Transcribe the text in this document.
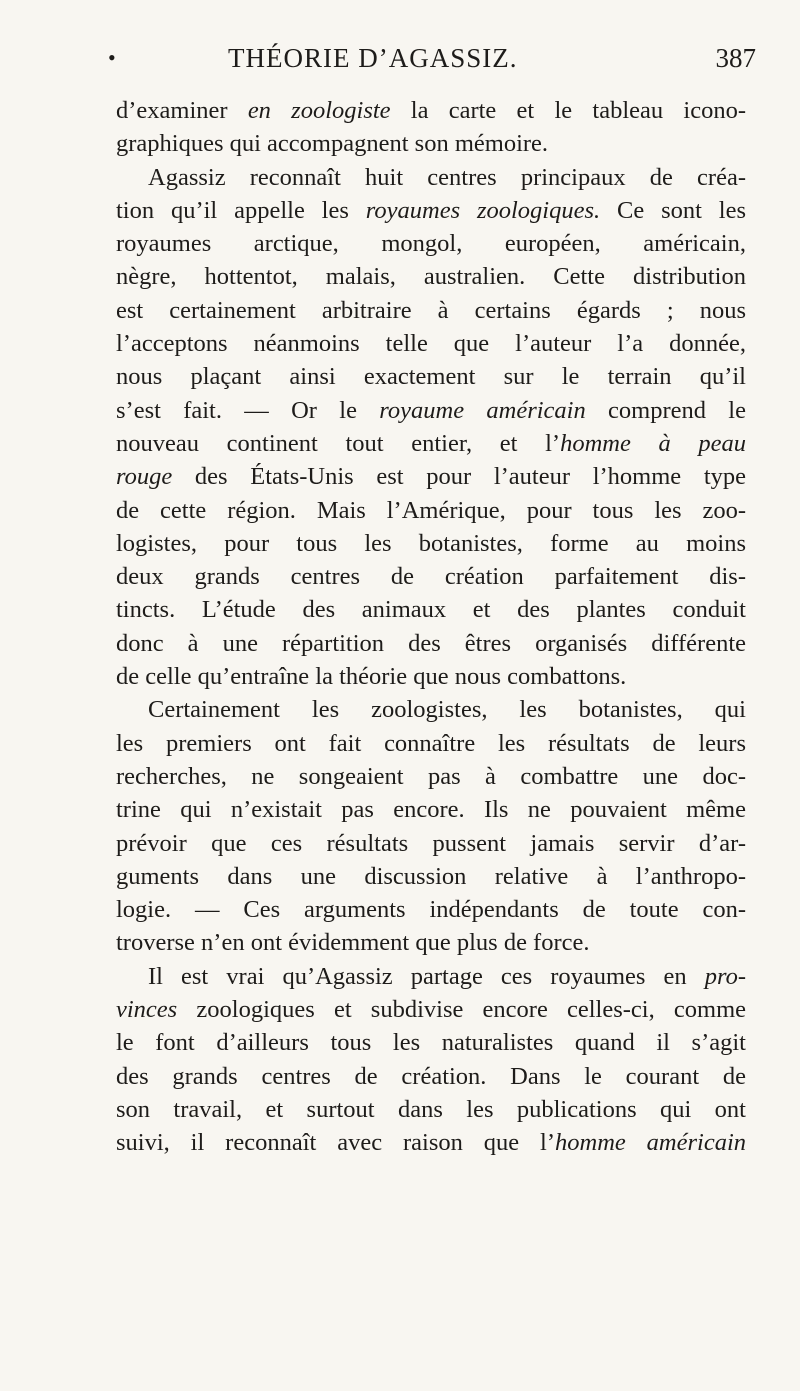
•	THÉORIE D’AGASSIZ.	387
d’examiner en zoologiste la carte et le tableau icono-
graphiques qui accompagnent son mémoire.
Agassiz reconnaît huit centres principaux de créa-
tion qu’il appelle les royaumes zoologiques. Ce sont les
royaumes arctique, mongol, européen, américain,
nègre, hottentot, malais, australien. Cette distribution
est certainement arbitraire à certains égards ; nous
l’acceptons néanmoins telle que l’auteur l’a donnée,
nous plaçant ainsi exactement sur le terrain qu’il
s’est fait. — Or le royaume américain comprend le
nouveau continent tout entier, et l’homme à peau
rouge des États-Unis est pour l’auteur l’homme type
de cette région. Mais l’Amérique, pour tous les zoo-
logistes, pour tous les botanistes, forme au moins
deux grands centres de création parfaitement dis-
tincts. L’étude des animaux et des plantes conduit
donc à une répartition des êtres organisés différente
de celle qu’entraîne la théorie que nous combattons.
Certainement les zoologistes, les botanistes, qui
les premiers ont fait connaître les résultats de leurs
recherches, ne songeaient pas à combattre une doc-
trine qui n’existait pas encore. Ils ne pouvaient même
prévoir que ces résultats pussent jamais servir d’ar-
guments dans une discussion relative à l’anthropo-
logie. — Ces arguments indépendants de toute con-
troverse n’en ont évidemment que plus de force.
Il est vrai qu’Agassiz partage ces royaumes en pro-
vinces zoologiques et subdivise encore celles-ci, comme
le font d’ailleurs tous les naturalistes quand il s’agit
des grands centres de création. Dans le courant de
son travail, et surtout dans les publications qui ont
suivi, il reconnaît avec raison que l’homme américain
